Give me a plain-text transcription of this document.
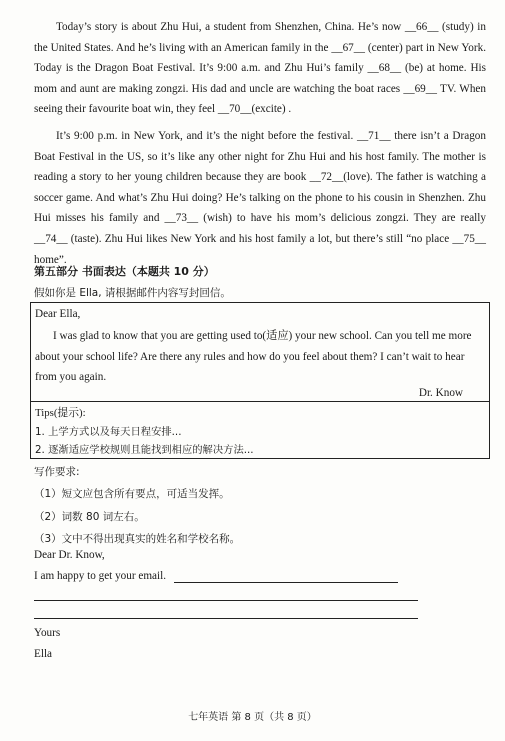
Today’s story is about Zhu Hui, a student from Shenzhen, China. He’s now __66__ (study) in the United States. And he’s living with an American family in the __67__ (center) part in New York. Today is the Dragon Boat Festival. It’s 9:00 a.m. and Zhu Hui’s family __68__ (be) at home. His mom and aunt are making zongzi. His dad and uncle are watching the boat races __69__ TV. When seeing their favourite boat win, they feel __70__(excite) .

It’s 9:00 p.m. in New York, and it’s the night before the festival. __71__ there isn’t a Dragon Boat Festival in the US, so it’s like any other night for Zhu Hui and his host family. The mother is reading a story to her young children because they are book __72__(love). The father is watching a soccer game. And what’s Zhu Hui doing? He’s talking on the phone to his cousin in Shenzhen. Zhu Hui misses his family and __73__ (wish) to have his mom’s delicious zongzi. They are really __74__ (taste). Zhu Hui likes New York and his host family a lot, but there’s still “no place __75__ home”.

第五部分 书面表达（本题共 10 分）
假如你是 Ella, 请根据邮件内容写封回信。
Dear Ella,
I was glad to know that you are getting used to(适应) your new school. Can you tell me more
about your school life? Are there any rules and how do you feel about them? I can’t wait to hear
from you again.
Dr. Know
Tips(提示):
1. 上学方式以及每天日程安排...
2. 逐渐适应学校规则且能找到相应的解决方法...
写作要求:
（1）短文应包含所有要点，可适当发挥。
（2）词数 80 词左右。
（3）文中不得出现真实的姓名和学校名称。
Dear Dr. Know,
I am happy to get your email.
Yours
Ella
七年英语 第 8 页（共 8 页）
